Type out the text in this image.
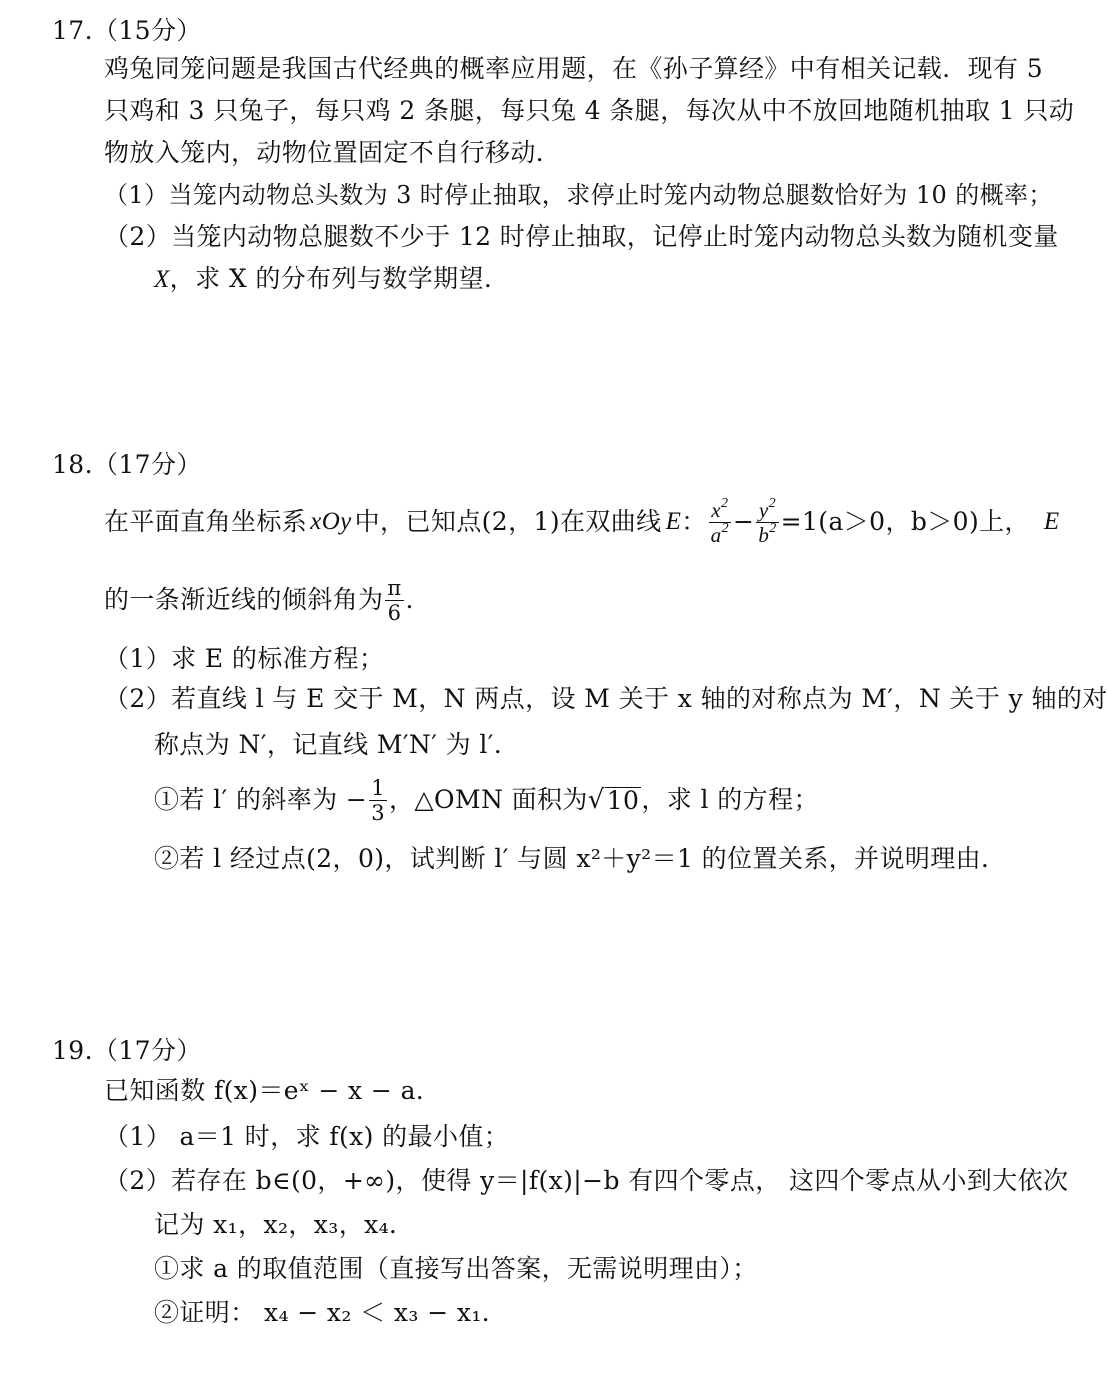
17.（15分）
鸡兔同笼问题是我国古代经典的概率应用题，在《孙子算经》中有相关记载．现有 5
只鸡和 3 只兔子，每只鸡 2 条腿，每只兔 4 条腿，每次从中不放回地随机抽取 1 只动
物放入笼内，动物位置固定不自行移动．
（1）当笼内动物总头数为 3 时停止抽取，求停止时笼内动物总腿数恰好为 10 的概率；
（2）当笼内动物总腿数不少于 12 时停止抽取，记停止时笼内动物总头数为随机变量
X，求 X 的分布列与数学期望．
18.（17分）
在平面直角坐标系 xOy 中，已知点(2，1)在双曲线 E ： $\frac{x^2}{a^2} - \frac{y^2}{b^2} =1(a>0$，b＞0)上， E
的一条渐近线的倾斜角为 $\frac{\pi}{6}$ ．
（1）求 E 的标准方程；
（2）若直线 l 与 E 交于 M，N 两点，设 M 关于 x 轴的对称点为 M′，N 关于 y 轴的对
称点为 N′，记直线 M′N′ 为 l′．
①若 l′ 的斜率为 − $\frac{1}{3}$ ，△OMN 面积为 √ 10 ，求 l 的方程；
②若 l 经过点(2，0)，试判断 l′ 与圆 x²＋y²＝1 的位置关系，并说明理由．
19.（17分）
已知函数 f(x)＝eˣ − x − a．
（1） a＝1 时，求 f(x) 的最小值；
（2）若存在 b∈(0，+∞)，使得 y＝|f(x)|−b 有四个零点， 这四个零点从小到大依次
记为 x₁，x₂，x₃，x₄．
①求 a 的取值范围（直接写出答案，无需说明理由）；
②证明： x₄ − x₂ ＜ x₃ − x₁．
